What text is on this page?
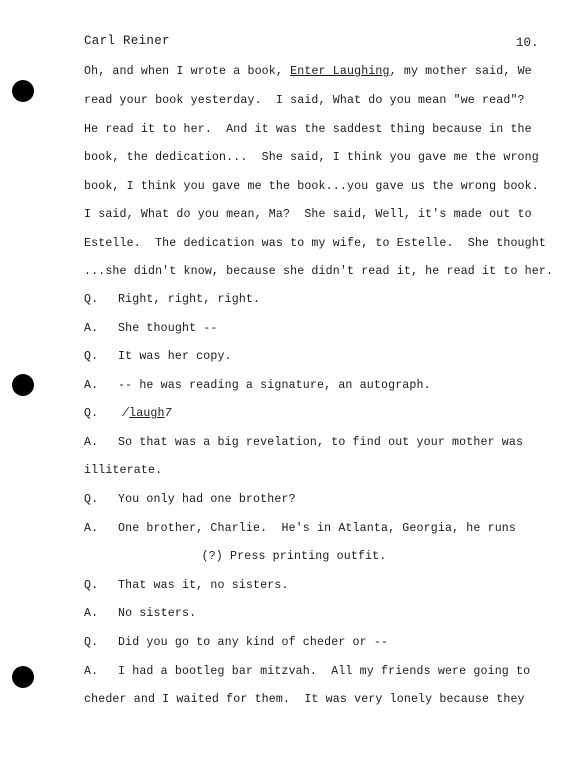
Carl Reiner	10.
Oh, and when I wrote a book, Enter Laughing, my mother said, We
read your book yesterday.  I said, What do you mean "we read"?
He read it to her.  And it was the saddest thing because in the
book, the dedication...  She said, I think you gave me the wrong
book, I think you gave me the book...you gave us the wrong book.
I said, What do you mean, Ma?  She said, Well, it's made out to
Estelle.  The dedication was to my wife, to Estelle.  She thought
...she didn't know, because she didn't read it, he read it to her.
Q. Right, right, right.
A. She thought --
Q. It was her copy.
A. -- he was reading a signature, an autograph.
Q. /laugh7
A. So that was a big revelation, to find out your mother was
illiterate.
Q. You only had one brother?
A. One brother, Charlie.  He's in Atlanta, Georgia, he runs
(?) Press printing outfit.
Q. That was it, no sisters.
A. No sisters.
Q. Did you go to any kind of cheder or --
A. I had a bootleg bar mitzvah.  All my friends were going to
cheder and I waited for them.  It was very lonely because they
